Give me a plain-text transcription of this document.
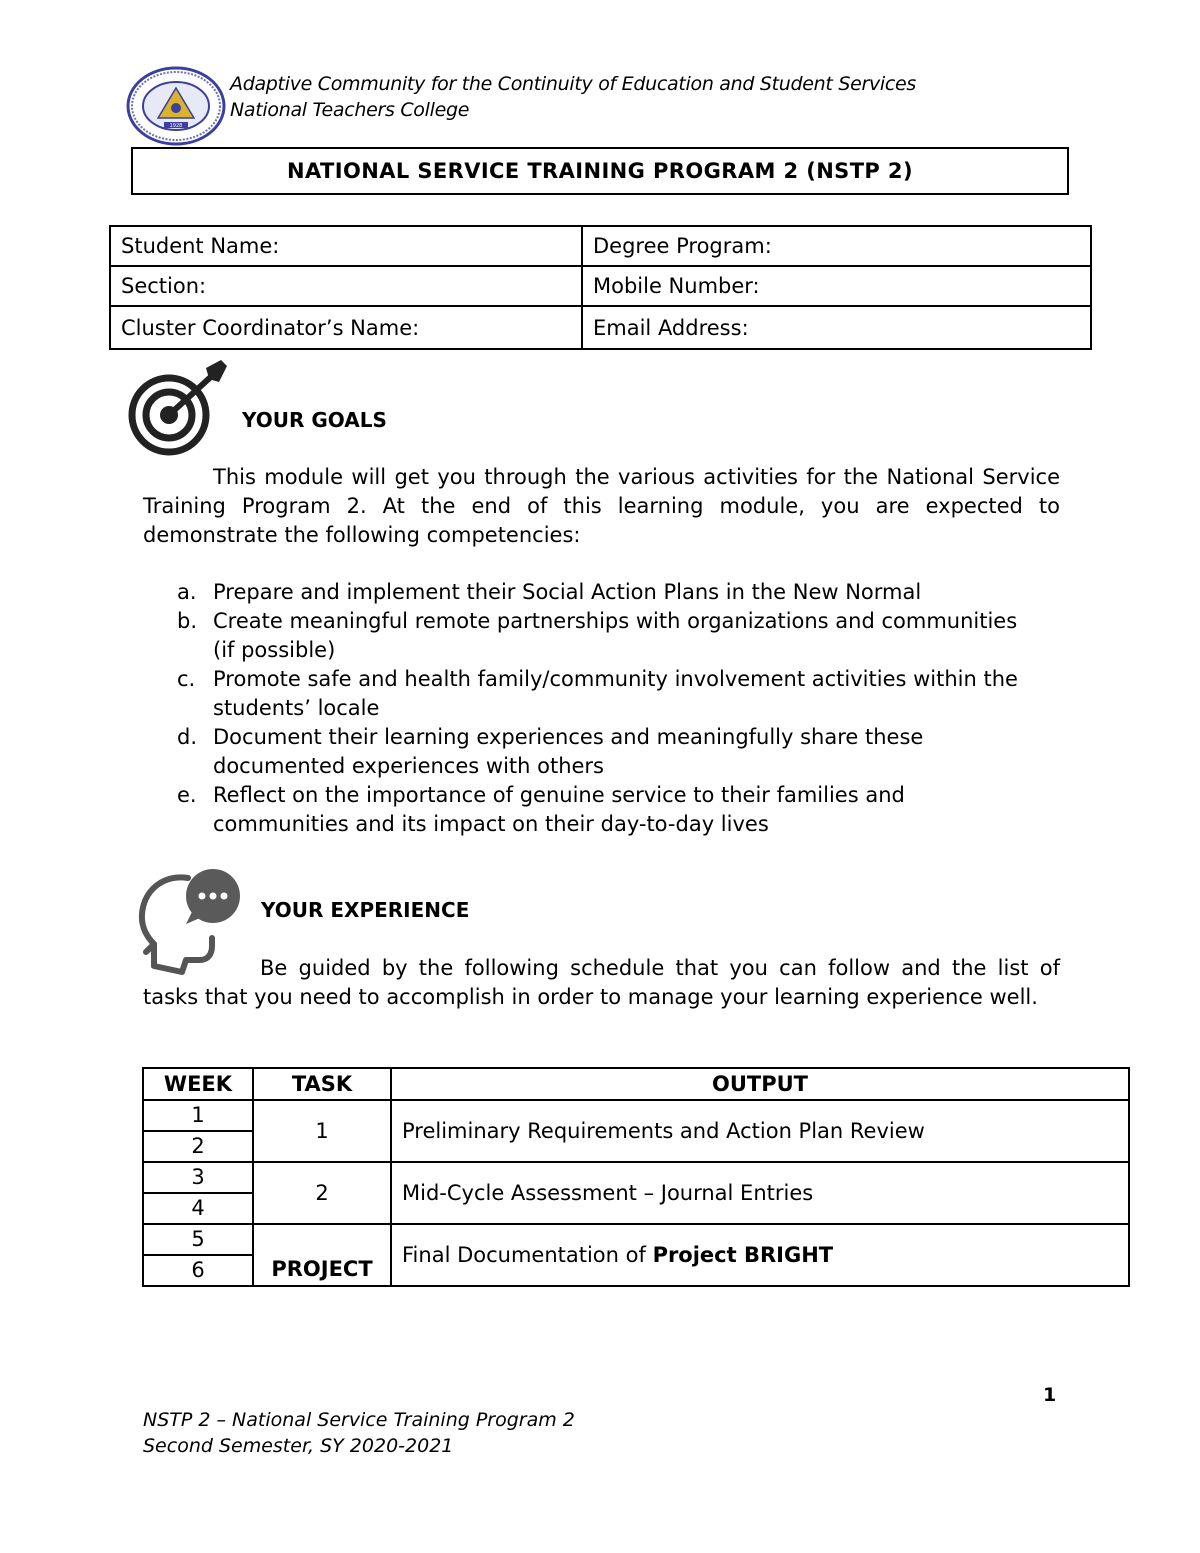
1928
Adaptive Community for the Continuity of Education and Student Services
National Teachers College
NATIONAL SERVICE TRAINING PROGRAM 2 (NSTP 2)
Student Name:	Degree Program:
Section:	Mobile Number:
Cluster Coordinator’s Name:	Email Address:
YOUR GOALS
This module will get you through the various activities for the National Service Training Program 2. At the end of this learning module, you are expected to demonstrate the following competencies:
a. Prepare and implement their Social Action Plans in the New Normal
b. Create meaningful remote partnerships with organizations and communities (if possible)
c. Promote safe and health family/community involvement activities within the students’ locale
d. Document their learning experiences and meaningfully share these documented experiences with others
e. Reflect on the importance of genuine service to their families and communities and its impact on their day-to-day lives
YOUR EXPERIENCE
Be guided by the following schedule that you can follow and the list of tasks that you need to accomplish in order to manage your learning experience well.
WEEK	TASK	OUTPUT
1	1	Preliminary Requirements and Action Plan Review
2		
3	2	Mid-Cycle Assessment – Journal Entries
4		
5	PROJECT	Final Documentation of Project BRIGHT
6		
1
NSTP 2 – National Service Training Program 2
Second Semester, SY 2020-2021
